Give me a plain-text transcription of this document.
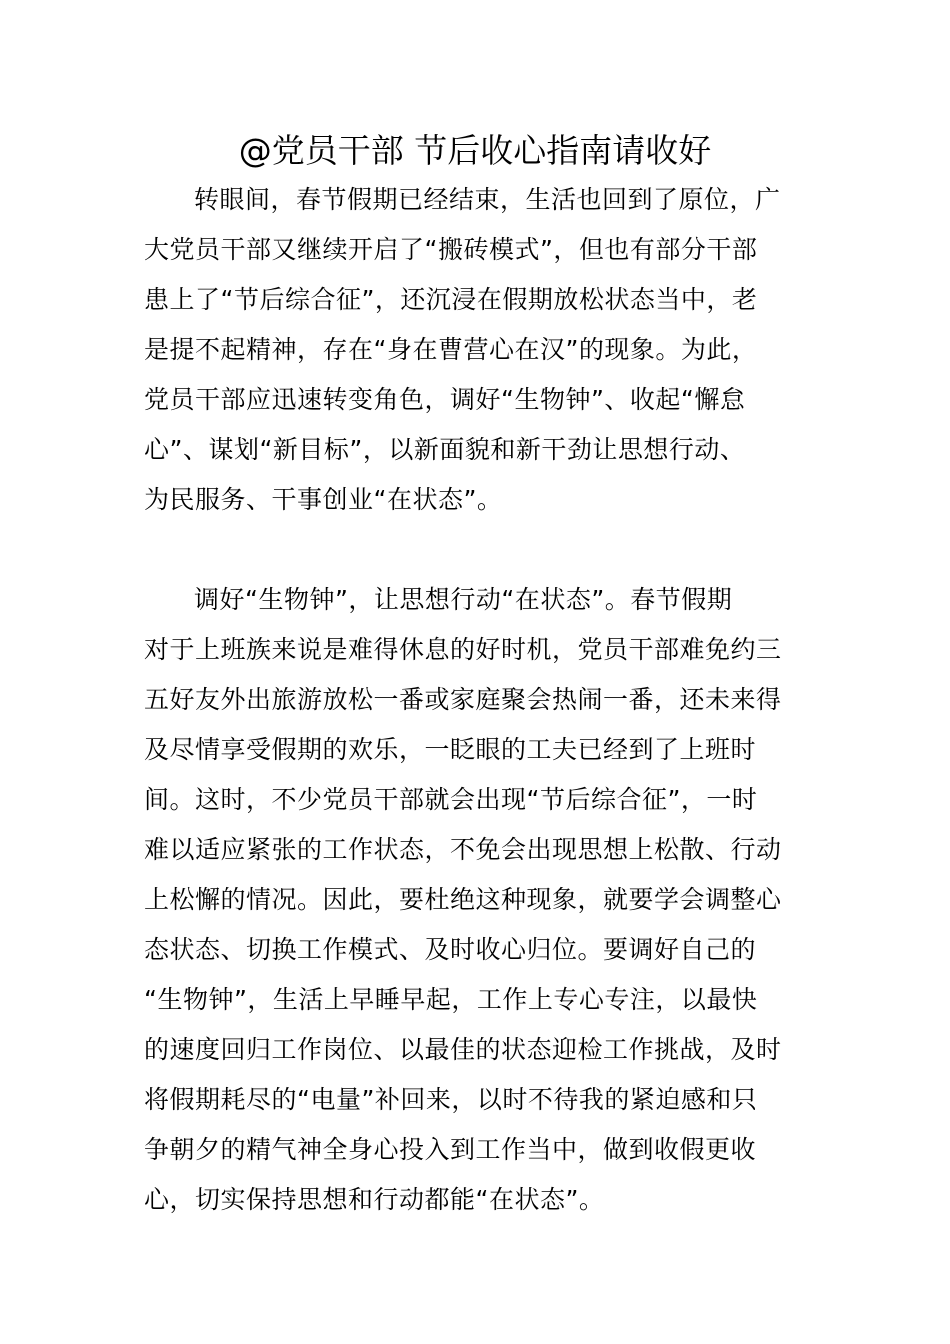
@党员干部 节后收心指南请收好
转眼间，春节假期已经结束，生活也回到了原位，广
大党员干部又继续开启了“搬砖模式”，但也有部分干部
患上了“节后综合征”，还沉浸在假期放松状态当中，老
是提不起精神，存在“身在曹营心在汉”的现象。为此，
党员干部应迅速转变角色，调好“生物钟”、收起“懈怠
心”、谋划“新目标”，以新面貌和新干劲让思想行动、
为民服务、干事创业“在状态”。
调好“生物钟”，让思想行动“在状态”。春节假期
对于上班族来说是难得休息的好时机，党员干部难免约三
五好友外出旅游放松一番或家庭聚会热闹一番，还未来得
及尽情享受假期的欢乐，一眨眼的工夫已经到了上班时
间。这时，不少党员干部就会出现“节后综合征”，一时
难以适应紧张的工作状态，不免会出现思想上松散、行动
上松懈的情况。因此，要杜绝这种现象，就要学会调整心
态状态、切换工作模式、及时收心归位。要调好自己的
“生物钟”，生活上早睡早起，工作上专心专注，以最快
的速度回归工作岗位、以最佳的状态迎检工作挑战，及时
将假期耗尽的“电量”补回来，以时不待我的紧迫感和只
争朝夕的精气神全身心投入到工作当中，做到收假更收
心，切实保持思想和行动都能“在状态”。
